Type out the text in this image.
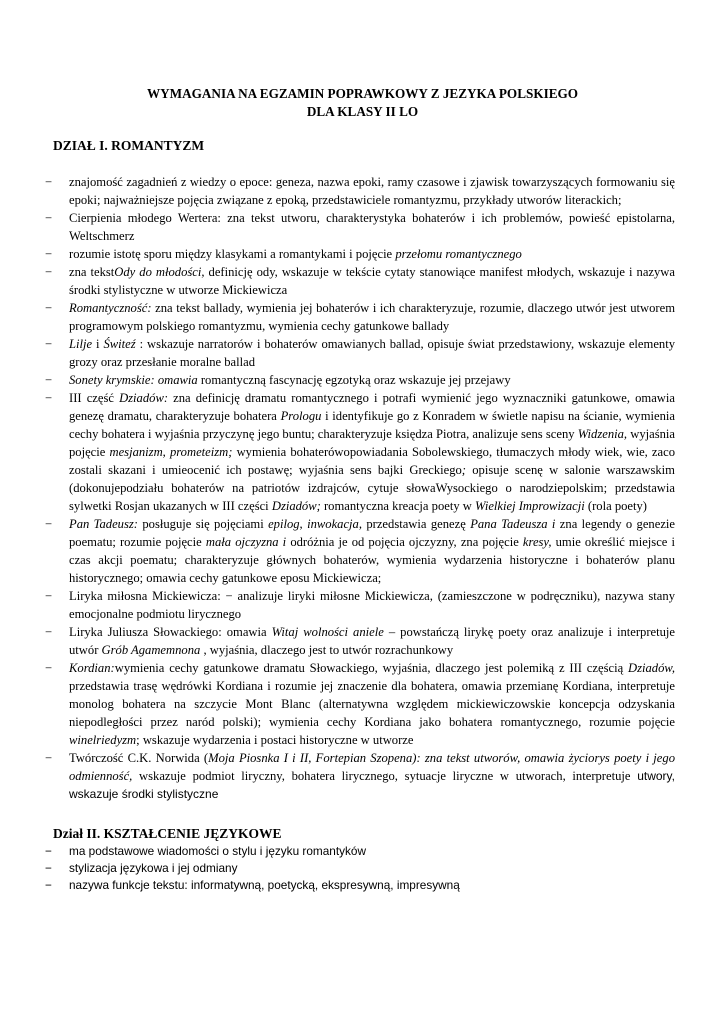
WYMAGANIA NA EGZAMIN POPRAWKOWY Z JEZYKA POLSKIEGO
DLA KLASY II LO
DZIAŁ I. ROMANTYZM
− znajomość zagadnień z wiedzy o epoce: geneza, nazwa epoki, ramy czasowe i zjawisk towarzyszących formowaniu się epoki; najważniejsze pojęcia związane z epoką, przedstawiciele romantyzmu, przykłady utworów literackich;
− Cierpienia młodego Wertera: zna tekst utworu, charakterystyka bohaterów i ich problemów, powieść epistolarna, Weltschmerz
− rozumie istotę sporu między klasykami a romantykami i pojęcie przełomu romantycznego
− zna tekstOdy do młodości, definicję ody, wskazuje w tekście cytaty stanowiące manifest młodych, wskazuje i nazywa środki stylistyczne w utworze Mickiewicza
− Romantyczność: zna tekst ballady, wymienia jej bohaterów i ich charakteryzuje, rozumie, dlaczego utwór jest utworem programowym polskiego romantyzmu, wymienia cechy gatunkowe ballady
− Lilje i Świteź : wskazuje narratorów i bohaterów omawianych ballad, opisuje świat przedstawiony, wskazuje elementy grozy oraz przesłanie moralne ballad
− Sonety krymskie: omawia romantyczną fascynację egzotyką oraz wskazuje jej przejawy
− III część Dziadów: zna definicję dramatu romantycznego i potrafi wymienić jego wyznaczniki gatunkowe, omawia genezę dramatu, charakteryzuje bohatera Prologu i identyfikuje go z Konradem w świetle napisu na ścianie, wymienia cechy bohatera i wyjaśnia przyczynę jego buntu; charakteryzuje księdza Piotra, analizuje sens sceny Widzenia, wyjaśnia pojęcie mesjanizm, prometeizm; wymienia bohaterówopowiadania Sobolewskiego, tłumaczych młody wiek, wie, zaco zostali skazani i umieocenić ich postawę; wyjaśnia sens bajki Greckiego; opisuje scenę w salonie warszawskim (dokonujepodziału bohaterów na patriotów izdrajców, cytuje słowaWysockiego o narodziepolskim; przedstawia sylwetki Rosjan ukazanych w III części Dziadów; romantyczna kreacja poety w Wielkiej Improwizacji (rola poety)
− Pan Tadeusz: posługuje się pojęciami epilog, inwokacja, przedstawia genezę Pana Tadeusza i zna legendy o genezie poematu; rozumie pojęcie mała ojczyzna i odróżnia je od pojęcia ojczyzny, zna pojęcie kresy, umie określić miejsce i czas akcji poematu; charakteryzuje głównych bohaterów, wymienia wydarzenia historyczne i bohaterów planu historycznego; omawia cechy gatunkowe eposu Mickiewicza;
− Liryka miłosna Mickiewicza: − analizuje liryki miłosne Mickiewicza, (zamieszczone w podręczniku), nazywa stany emocjonalne podmiotu lirycznego
− Liryka Juliusza Słowackiego: omawia Witaj wolności aniele – powstańczą lirykę poety oraz analizuje i interpretuje utwór Grób Agamemnona , wyjaśnia, dlaczego jest to utwór rozrachunkowy
− Kordian:wymienia cechy gatunkowe dramatu Słowackiego, wyjaśnia, dlaczego jest polemiką z III częścią Dziadów, przedstawia trasę wędrówki Kordiana i rozumie jej znaczenie dla bohatera, omawia przemianę Kordiana, interpretuje monolog bohatera na szczycie Mont Blanc (alternatywna względem mickiewiczowskie koncepcja odzyskania niepodległości przez naród polski); wymienia cechy Kordiana jako bohatera romantycznego, rozumie pojęcie winelriedyzm; wskazuje wydarzenia i postaci historyczne w utworze
− Twórczość C.K. Norwida (Moja Piosnka I i II, Fortepian Szopena): zna tekst utworów, omawia życiorys poety i jego odmienność, wskazuje podmiot liryczny, bohatera lirycznego, sytuacje liryczne w utworach, interpretuje utwory, wskazuje środki stylistyczne
Dział II. KSZTAŁCENIE JĘZYKOWE
− ma podstawowe wiadomości o stylu i języku romantyków
− stylizacja językowa i jej odmiany
− nazywa funkcje tekstu: informatywną, poetycką, ekspresywną, impresywną
